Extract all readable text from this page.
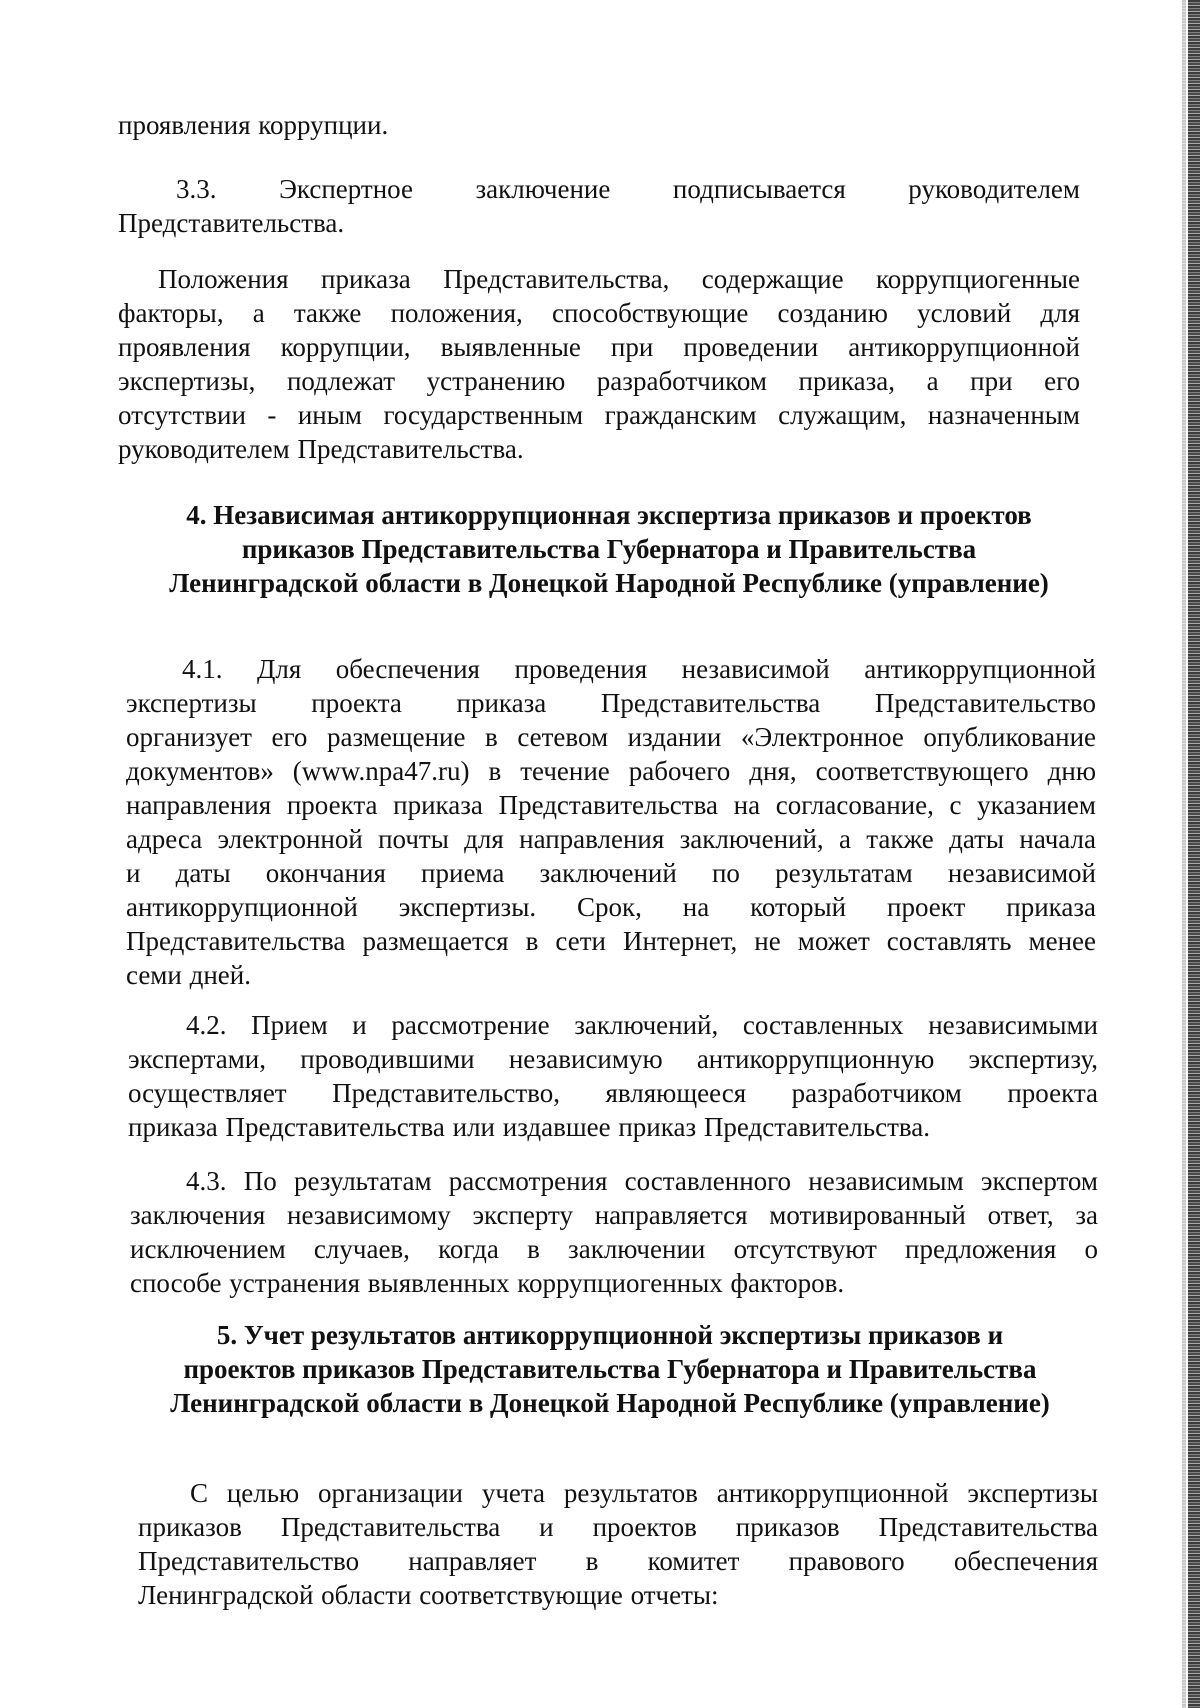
проявления коррупции.

3.3. Экспертное заключение подписывается руководителем
Представительства.

Положения приказа Представительства, содержащие коррупциогенные
факторы, а также положения, способствующие созданию условий для
проявления коррупции, выявленные при проведении антикоррупционной
экспертизы, подлежат устранению разработчиком приказа, а при его
отсутствии - иным государственным гражданским служащим, назначенным
руководителем Представительства.

4. Независимая антикоррупционная экспертиза приказов и проектов
приказов Представительства Губернатора и Правительства
Ленинградской области в Донецкой Народной Республике (управление)

4.1. Для обеспечения проведения независимой антикоррупционной
экспертизы проекта приказа Представительства Представительство
организует его размещение в сетевом издании «Электронное опубликование
документов» (www.npa47.ru) в течение рабочего дня, соответствующего дню
направления проекта приказа Представительства на согласование, с указанием
адреса электронной почты для направления заключений, а также даты начала
и даты окончания приема заключений по результатам независимой
антикоррупционной экспертизы. Срок, на который проект приказа
Представительства размещается в сети Интернет, не может составлять менее
семи дней.

4.2. Прием и рассмотрение заключений, составленных независимыми
экспертами, проводившими независимую антикоррупционную экспертизу,
осуществляет Представительство, являющееся разработчиком проекта
приказа Представительства или издавшее приказ Представительства.

4.3. По результатам рассмотрения составленного независимым экспертом
заключения независимому эксперту направляется мотивированный ответ, за
исключением случаев, когда в заключении отсутствуют предложения о
способе устранения выявленных коррупциогенных факторов.

5. Учет результатов антикоррупционной экспертизы приказов и
проектов приказов Представительства Губернатора и Правительства
Ленинградской области в Донецкой Народной Республике (управление)

С целью организации учета результатов антикоррупционной экспертизы
приказов Представительства и проектов приказов Представительства
Представительство направляет в комитет правового обеспечения
Ленинградской области соответствующие отчеты:
